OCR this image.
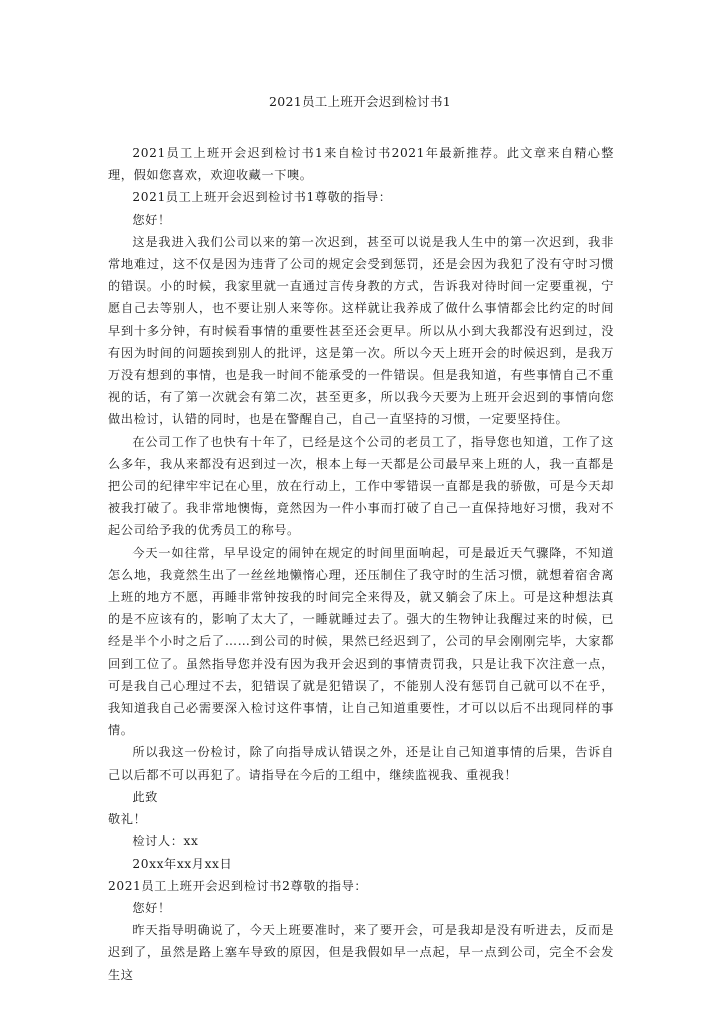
2021员工上班开会迟到检讨书1

2021员工上班开会迟到检讨书1来自检讨书2021年最新推荐。此文章来自精心整理，假如您喜欢，欢迎收藏一下噢。

2021员工上班开会迟到检讨书1尊敬的指导：

您好！

这是我进入我们公司以来的第一次迟到，甚至可以说是我人生中的第一次迟到，我非常地难过，这不仅是因为违背了公司的规定会受到惩罚，还是会因为我犯了没有守时习惯的错误。小的时候，我家里就一直通过言传身教的方式，告诉我对待时间一定要重视，宁愿自己去等别人，也不要让别人来等你。这样就让我养成了做什么事情都会比约定的时间早到十多分钟，有时候看事情的重要性甚至还会更早。所以从小到大我都没有迟到过，没有因为时间的问题挨到别人的批评，这是第一次。所以今天上班开会的时候迟到，是我万万没有想到的事情，也是我一时间不能承受的一件错误。但是我知道，有些事情自己不重视的话，有了第一次就会有第二次，甚至更多，所以我今天要为上班开会迟到的事情向您做出检讨，认错的同时，也是在警醒自己，自己一直坚持的习惯，一定要坚持住。

在公司工作了也快有十年了，已经是这个公司的老员工了，指导您也知道，工作了这么多年，我从来都没有迟到过一次，根本上每一天都是公司最早来上班的人，我一直都是把公司的纪律牢牢记在心里，放在行动上，工作中零错误一直都是我的骄傲，可是今天却被我打破了。我非常地懊悔，竟然因为一件小事而打破了自己一直保持地好习惯，我对不起公司给予我的优秀员工的称号。

今天一如往常，早早设定的闹钟在规定的时间里面响起，可是最近天气骤降，不知道怎么地，我竟然生出了一丝丝地懒惰心理，还压制住了我守时的生活习惯，就想着宿舍离上班的地方不愿，再睡非常钟按我的时间完全来得及，就又躺会了床上。可是这种想法真的是不应该有的，影响了太大了，一睡就睡过去了。强大的生物钟让我醒过来的时候，已经是半个小时之后了……到公司的时候，果然已经迟到了，公司的早会刚刚完毕，大家都回到工位了。虽然指导您并没有因为我开会迟到的事情责罚我，只是让我下次注意一点，可是我自己心理过不去，犯错误了就是犯错误了，不能别人没有惩罚自己就可以不在乎，我知道我自己必需要深入检讨这件事情，让自己知道重要性，才可以以后不出现同样的事情。

所以我这一份检讨，除了向指导成认错误之外，还是让自己知道事情的后果，告诉自己以后都不可以再犯了。请指导在今后的工组中，继续监视我、重视我！

此致

敬礼！

检讨人：xx

20xx年xx月xx日

2021员工上班开会迟到检讨书2尊敬的指导：

您好！

昨天指导明确说了，今天上班要准时，来了要开会，可是我却是没有听进去，反而是迟到了，虽然是路上塞车导致的原因，但是我假如早一点起，早一点到公司，完全不会发生这
